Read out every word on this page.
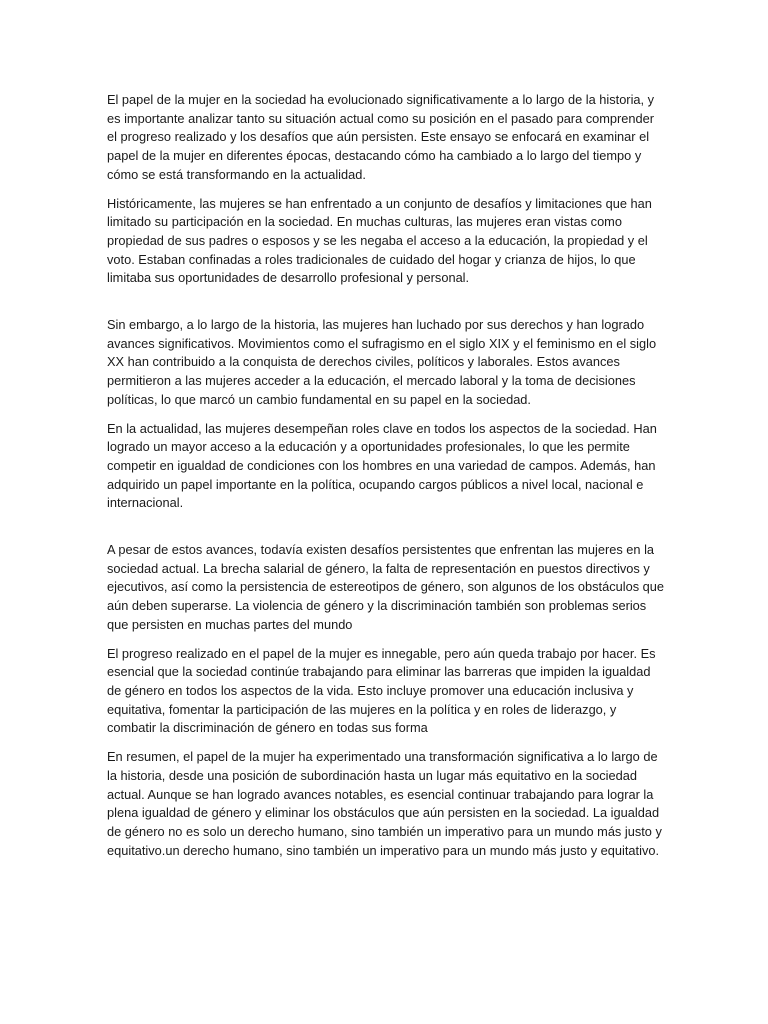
El papel de la mujer en la sociedad ha evolucionado significativamente a lo largo de la historia, y es importante analizar tanto su situación actual como su posición en el pasado para comprender el progreso realizado y los desafíos que aún persisten. Este ensayo se enfocará en examinar el papel de la mujer en diferentes épocas, destacando cómo ha cambiado a lo largo del tiempo y cómo se está transformando en la actualidad.

Históricamente, las mujeres se han enfrentado a un conjunto de desafíos y limitaciones que han limitado su participación en la sociedad. En muchas culturas, las mujeres eran vistas como propiedad de sus padres o esposos y se les negaba el acceso a la educación, la propiedad y el voto. Estaban confinadas a roles tradicionales de cuidado del hogar y crianza de hijos, lo que limitaba sus oportunidades de desarrollo profesional y personal.

Sin embargo, a lo largo de la historia, las mujeres han luchado por sus derechos y han logrado avances significativos. Movimientos como el sufragismo en el siglo XIX y el feminismo en el siglo XX han contribuido a la conquista de derechos civiles, políticos y laborales. Estos avances permitieron a las mujeres acceder a la educación, el mercado laboral y la toma de decisiones políticas, lo que marcó un cambio fundamental en su papel en la sociedad.

En la actualidad, las mujeres desempeñan roles clave en todos los aspectos de la sociedad. Han logrado un mayor acceso a la educación y a oportunidades profesionales, lo que les permite competir en igualdad de condiciones con los hombres en una variedad de campos. Además, han adquirido un papel importante en la política, ocupando cargos públicos a nivel local, nacional e internacional.

A pesar de estos avances, todavía existen desafíos persistentes que enfrentan las mujeres en la sociedad actual. La brecha salarial de género, la falta de representación en puestos directivos y ejecutivos, así como la persistencia de estereotipos de género, son algunos de los obstáculos que aún deben superarse. La violencia de género y la discriminación también son problemas serios que persisten en muchas partes del mundo

El progreso realizado en el papel de la mujer es innegable, pero aún queda trabajo por hacer. Es esencial que la sociedad continúe trabajando para eliminar las barreras que impiden la igualdad de género en todos los aspectos de la vida. Esto incluye promover una educación inclusiva y equitativa, fomentar la participación de las mujeres en la política y en roles de liderazgo, y combatir la discriminación de género en todas sus forma

En resumen, el papel de la mujer ha experimentado una transformación significativa a lo largo de la historia, desde una posición de subordinación hasta un lugar más equitativo en la sociedad actual. Aunque se han logrado avances notables, es esencial continuar trabajando para lograr la plena igualdad de género y eliminar los obstáculos que aún persisten en la sociedad. La igualdad de género no es solo un derecho humano, sino también un imperativo para un mundo más justo y equitativo.un derecho humano, sino también un imperativo para un mundo más justo y equitativo.
